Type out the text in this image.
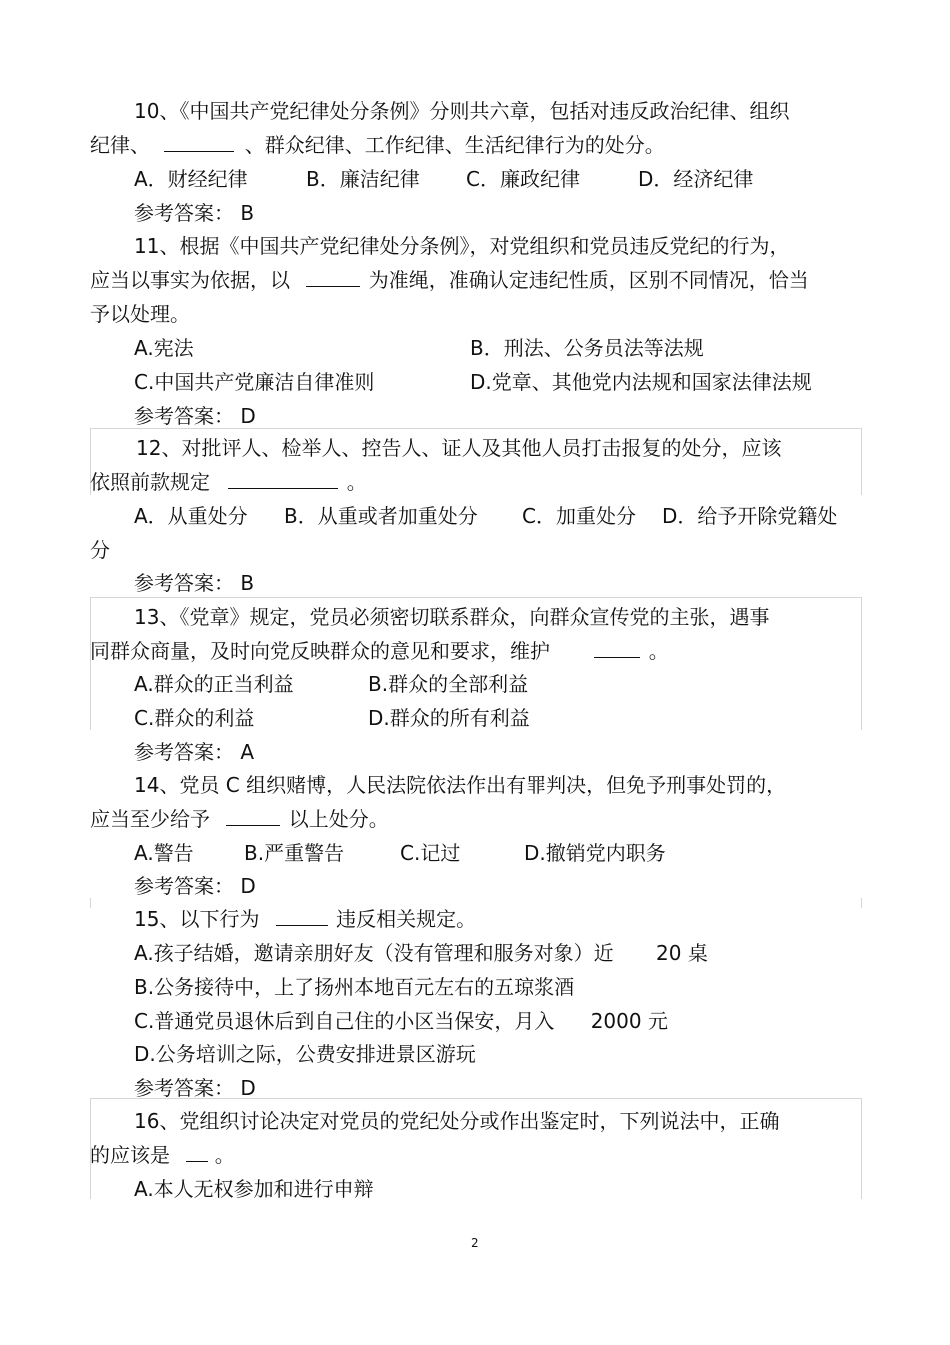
10、《中国共产党纪律处分条例》分则共六章，包括对违反政治纪律、组织
纪律、	、群众纪律、工作纪律、生活纪律行为的处分。
A．财经纪律	B．廉洁纪律 C．廉政纪律	D．经济纪律
参考答案： B
11、根据《中国共产党纪律处分条例》，对党组织和党员违反党纪的行为，
应当以事实为依据，以	为准绳，准确认定违纪性质，区别不同情况，恰当
予以处理。
A.宪法	B．刑法、公务员法等法规
C.中国共产党廉洁自律准则	D.党章、其他党内法规和国家法律法规
参考答案： D
12、对批评人、检举人、控告人、证人及其他人员打击报复的处分，应该
依照前款规定	。
A．从重处分 B．从重或者加重处分 C．加重处分 D．给予开除党籍处
分
参考答案： B
13、《党章》规定，党员必须密切联系群众，向群众宣传党的主张，遇事
同群众商量，及时向党反映群众的意见和要求，维护	。
A.群众的正当利益	B.群众的全部利益
C.群众的利益	D.群众的所有利益
参考答案： A
14、党员 C 组织赌博，人民法院依法作出有罪判决，但免予刑事处罚的，
应当至少给予	以上处分。
A.警告	B.严重警告	C.记过	D.撤销党内职务
参考答案： D
15、以下行为	违反相关规定。
A.孩子结婚，邀请亲朋好友（没有管理和服务对象）近 20 桌
B.公务接待中，上了扬州本地百元左右的五琼浆酒
C.普通党员退休后到自己住的小区当保安，月入 2000 元
D.公务培训之际，公费安排进景区游玩
参考答案： D
16、党组织讨论决定对党员的党纪处分或作出鉴定时，下列说法中，正确
的应该是 。
A.本人无权参加和进行申辩
2
